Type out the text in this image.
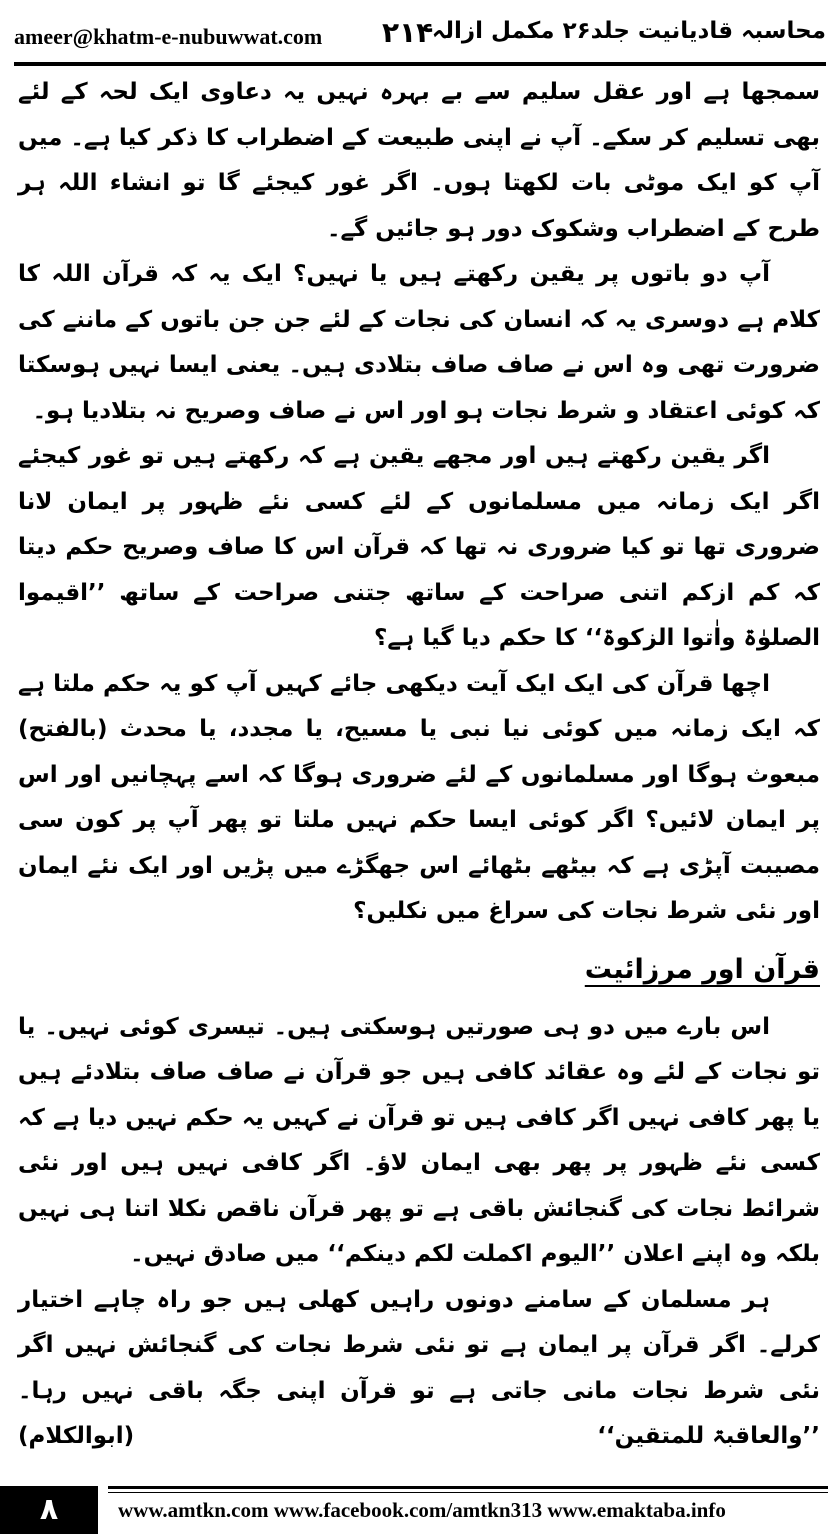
ameer@khatm-e-nubuwwat.com ۲۱۴
محاسبہ قادیانیت جلد۲۶ مکمل ازالہ

سمجھا ہے اور عقل سلیم سے بے بہرہ نہیں یہ دعاوی ایک لحہ کے لئے بھی تسلیم کر سکے۔ آپ نے اپنی طبیعت کے اضطراب کا ذکر کیا ہے۔ میں آپ کو ایک موٹی بات لکھتا ہوں۔ اگر غور کیجئے گا تو انشاء اللہ ہر طرح کے اضطراب وشکوک دور ہو جائیں گے۔

آپ دو باتوں پر یقین رکھتے ہیں یا نہیں؟ ایک یہ کہ قرآن اللہ کا کلام ہے دوسری یہ کہ انسان کی نجات کے لئے جن جن باتوں کے ماننے کی ضرورت تھی وہ اس نے صاف صاف بتلادی ہیں۔ یعنی ایسا نہیں ہوسکتا کہ کوئی اعتقاد و شرط نجات ہو اور اس نے صاف وصریح نہ بتلادیا ہو۔

اگر یقین رکھتے ہیں اور مجھے یقین ہے کہ رکھتے ہیں تو غور کیجئے اگر ایک زمانہ میں مسلمانوں کے لئے کسی نئے ظہور پر ایمان لانا ضروری تھا تو کیا ضروری نہ تھا کہ قرآن اس کا صاف وصریح حکم دیتا کہ کم ازکم اتنی صراحت کے ساتھ جتنی صراحت کے ساتھ ’’اقیموا الصلوٰۃ واٰتوا الزکوۃ‘‘ کا حکم دیا گیا ہے؟

اچھا قرآن کی ایک ایک آیت دیکھی جائے کہیں آپ کو یہ حکم ملتا ہے کہ ایک زمانہ میں کوئی نیا نبی یا مسیح، یا مجدد، یا محدث (بالفتح) مبعوث ہوگا اور مسلمانوں کے لئے ضروری ہوگا کہ اسے پہچانیں اور اس پر ایمان لائیں؟ اگر کوئی ایسا حکم نہیں ملتا تو پھر آپ پر کون سی مصیبت آپڑی ہے کہ بیٹھے بٹھائے اس جھگڑے میں پڑیں اور ایک نئے ایمان اور نئی شرط نجات کی سراغ میں نکلیں؟

قرآن اور مرزائیت

اس بارے میں دو ہی صورتیں ہوسکتی ہیں۔ تیسری کوئی نہیں۔ یا تو نجات کے لئے وہ عقائد کافی ہیں جو قرآن نے صاف صاف بتلادئے ہیں یا پھر کافی نہیں اگر کافی ہیں تو قرآن نے کہیں یہ حکم نہیں دیا ہے کہ کسی نئے ظہور پر پھر بھی ایمان لاؤ۔ اگر کافی نہیں ہیں اور نئی شرائط نجات کی گنجائش باقی ہے تو پھر قرآن ناقص نکلا اتنا ہی نہیں بلکہ وہ اپنے اعلان ’’الیوم اکملت لکم دینکم‘‘ میں صادق نہیں۔

ہر مسلمان کے سامنے دونوں راہیں کھلی ہیں جو راہ چاہے اختیار کرلے۔ اگر قرآن پر ایمان ہے تو نئی شرط نجات کی گنجائش نہیں اگر نئی شرط نجات مانی جاتی ہے تو قرآن اپنی جگہ باقی نہیں رہا۔ ’’والعاقبۃ للمتقین‘‘
(ابوالکلام)

۸	www.amtkn.com www.facebook.com/amtkn313 www.emaktaba.info
